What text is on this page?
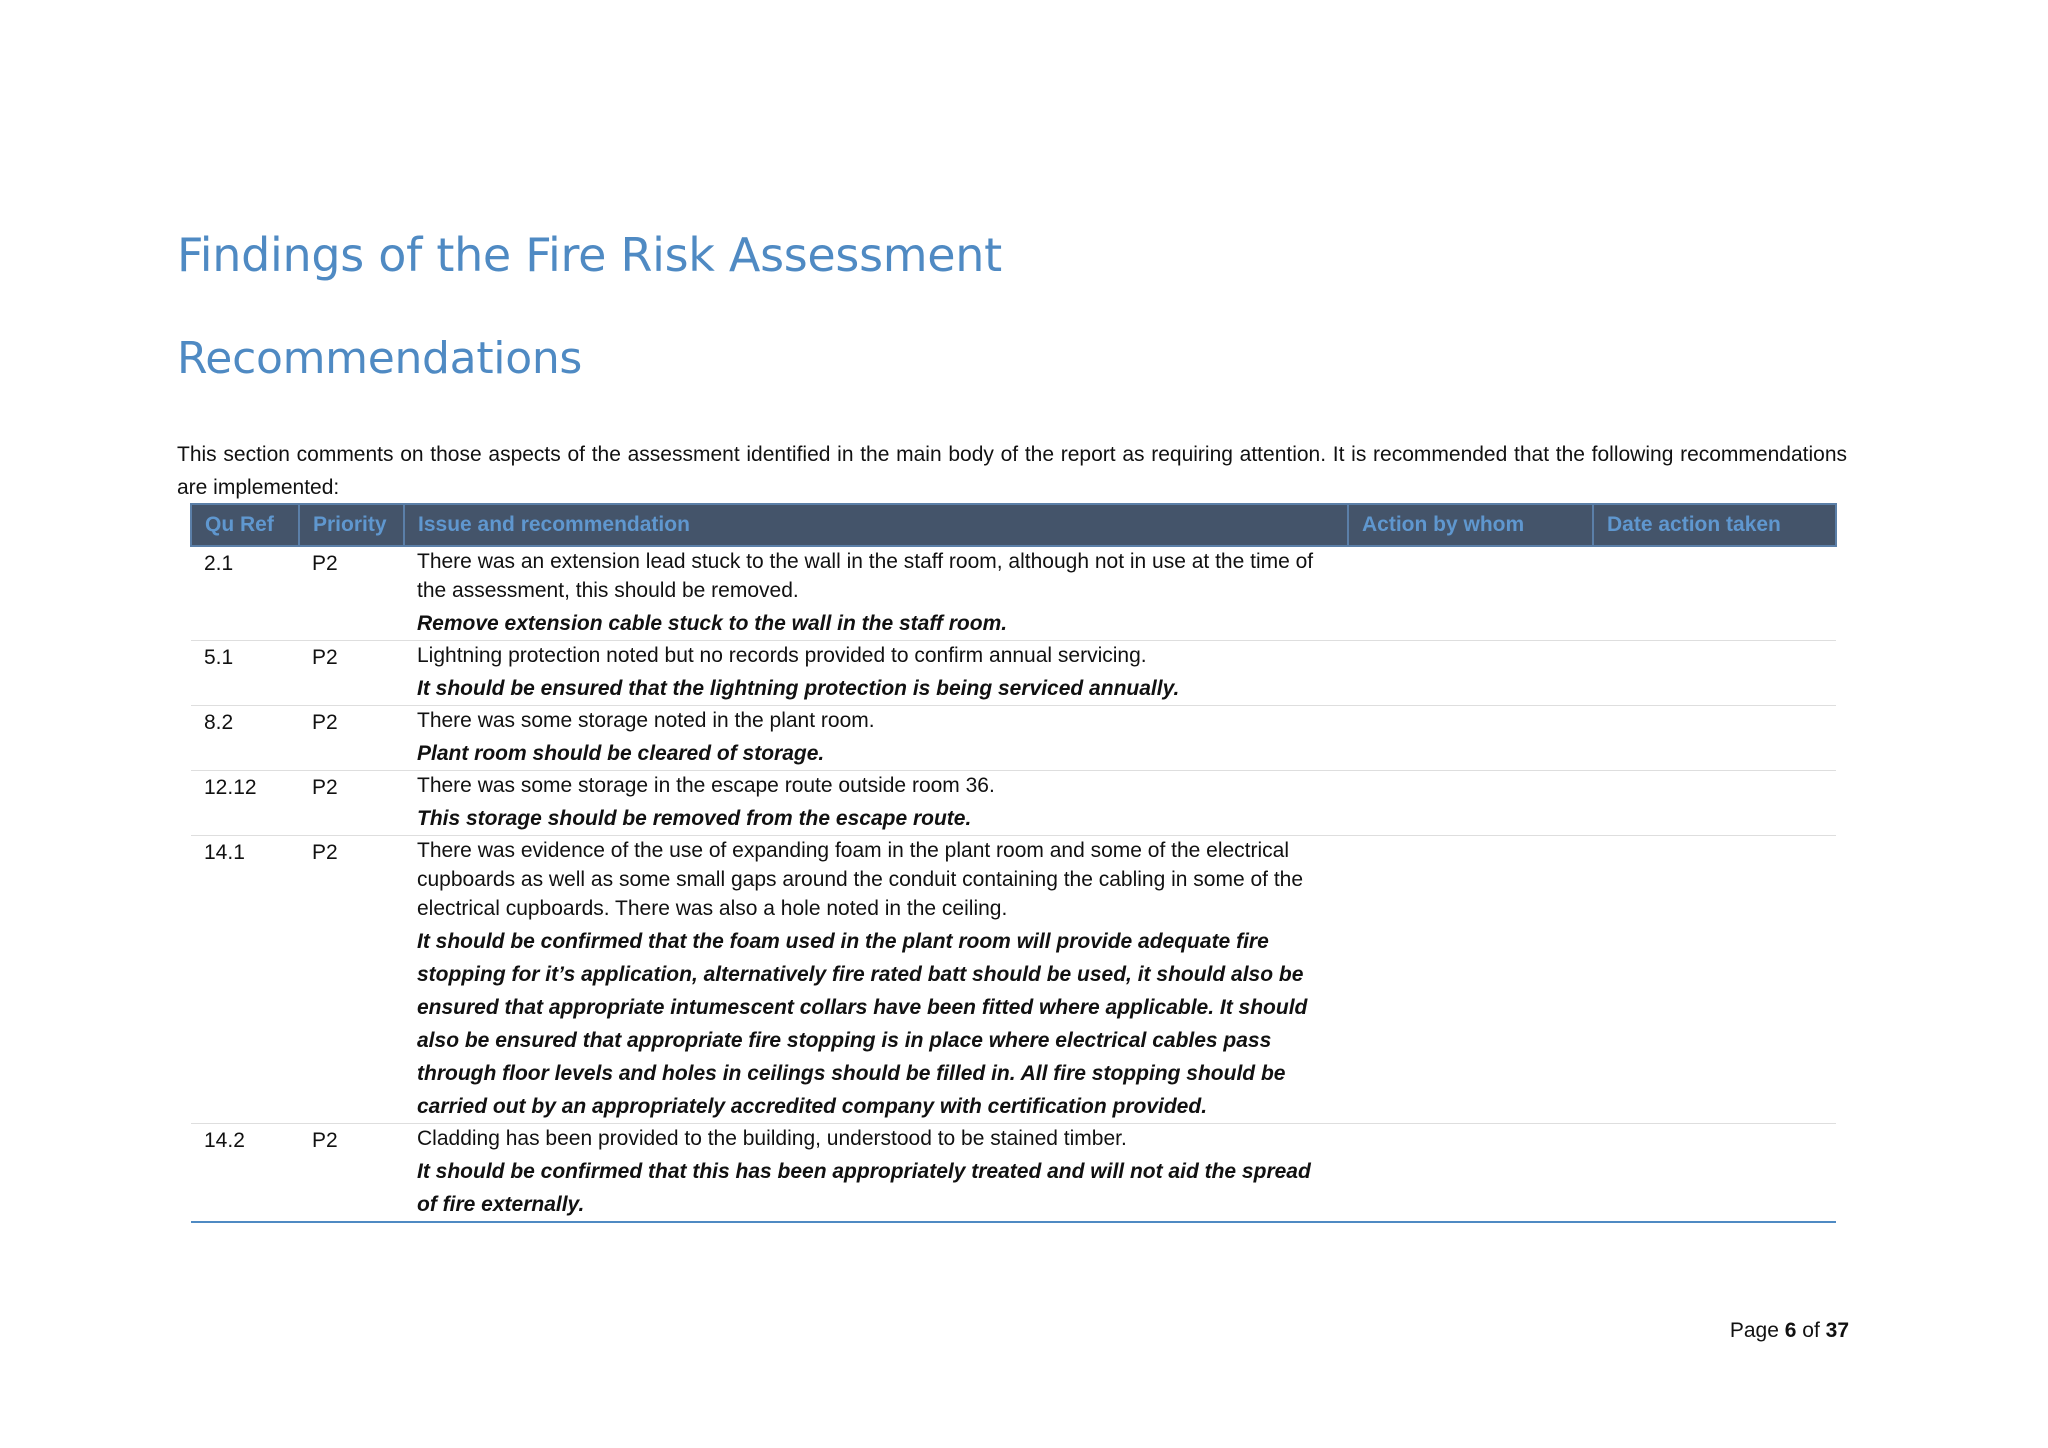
Findings of the Fire Risk Assessment
Recommendations
This section comments on those aspects of the assessment identified in the main body of the report as requiring attention. It is recommended that the following recommendations are implemented:
Qu Ref	Priority	Issue and recommendation	Action by whom	Date action taken
2.1	P2	There was an extension lead stuck to the wall in the staff room, although not in use at the time of the assessment, this should be removed.
Remove extension cable stuck to the wall in the staff room.		

5.1	P2	Lightning protection noted but no records provided to confirm annual servicing.
It should be ensured that the lightning protection is being serviced annually.		

8.2	P2	There was some storage noted in the plant room.
Plant room should be cleared of storage.		

12.12	P2	There was some storage in the escape route outside room 36.
This storage should be removed from the escape route.		

14.1	P2	There was evidence of the use of expanding foam in the plant room and some of the electrical cupboards as well as some small gaps around the conduit containing the cabling in some of the electrical cupboards. There was also a hole noted in the ceiling.
It should be confirmed that the foam used in the plant room will provide adequate fire stopping for it’s application, alternatively fire rated batt should be used, it should also be ensured that appropriate intumescent collars have been fitted where applicable. It should also be ensured that appropriate fire stopping is in place where electrical cables pass through floor levels and holes in ceilings should be filled in. All fire stopping should be carried out by an appropriately accredited company with certification provided.		

14.2	P2	Cladding has been provided to the building, understood to be stained timber.
It should be confirmed that this has been appropriately treated and will not aid the spread of fire externally.		

Page 6 of 37
